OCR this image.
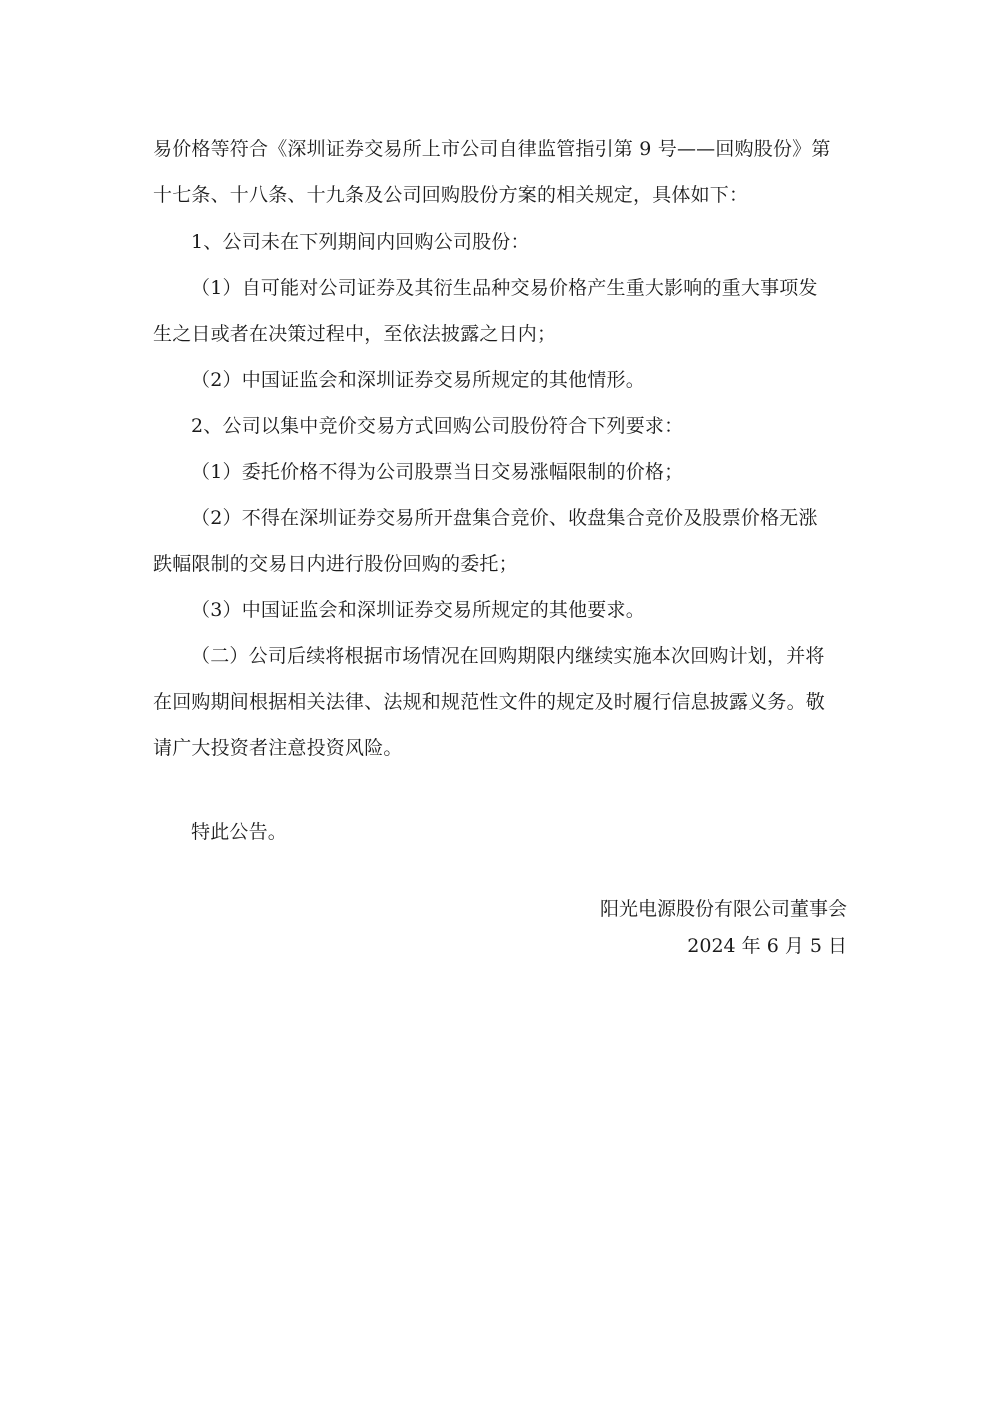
易价格等符合《深圳证券交易所上市公司自律监管指引第 9 号——回购股份》第
十七条、十八条、十九条及公司回购股份方案的相关规定，具体如下：
1、公司未在下列期间内回购公司股份：
（1）自可能对公司证券及其衍生品种交易价格产生重大影响的重大事项发
生之日或者在决策过程中，至依法披露之日内；
（2）中国证监会和深圳证券交易所规定的其他情形。
2、公司以集中竞价交易方式回购公司股份符合下列要求：
（1）委托价格不得为公司股票当日交易涨幅限制的价格；
（2）不得在深圳证券交易所开盘集合竞价、收盘集合竞价及股票价格无涨
跌幅限制的交易日内进行股份回购的委托；
（3）中国证监会和深圳证券交易所规定的其他要求。
（二）公司后续将根据市场情况在回购期限内继续实施本次回购计划，并将
在回购期间根据相关法律、法规和规范性文件的规定及时履行信息披露义务。敬
请广大投资者注意投资风险。
特此公告。
阳光电源股份有限公司董事会
2024 年 6 月 5 日
